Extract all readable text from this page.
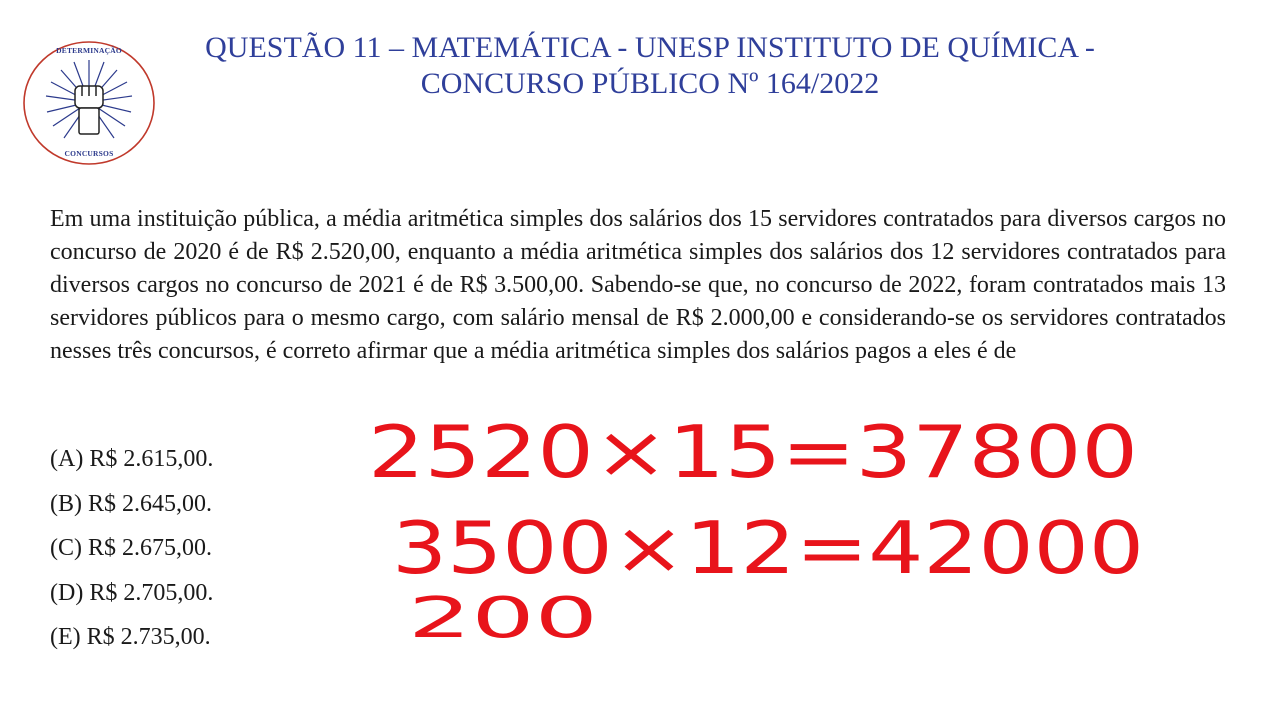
DETERMINAÇÃO
CONCURSOS
QUESTÃO 11 – MATEMÁTICA - UNESP INSTITUTO DE QUÍMICA -
CONCURSO PÚBLICO Nº 164/2022
Em uma instituição pública, a média aritmética simples dos salários dos 15 servidores contratados para diversos cargos no concurso de 2020 é de R$ 2.520,00, enquanto a média aritmética simples dos salários dos 12 servidores contratados para diversos cargos no concurso de 2021 é de R$ 3.500,00. Sabendo-se que, no concurso de 2022, foram contratados mais 13 servidores públicos para o mesmo cargo, com salário mensal de R$ 2.000,00 e considerando-se os servidores contratados nesses três concursos, é correto afirmar que a média aritmética simples dos salários pagos a eles é de
(A) R$ 2.615,00.
(B) R$ 2.645,00.
(C) R$ 2.675,00.
(D) R$ 2.705,00.
(E) R$ 2.735,00.
2520×15=37800
3500×12=42000
200
